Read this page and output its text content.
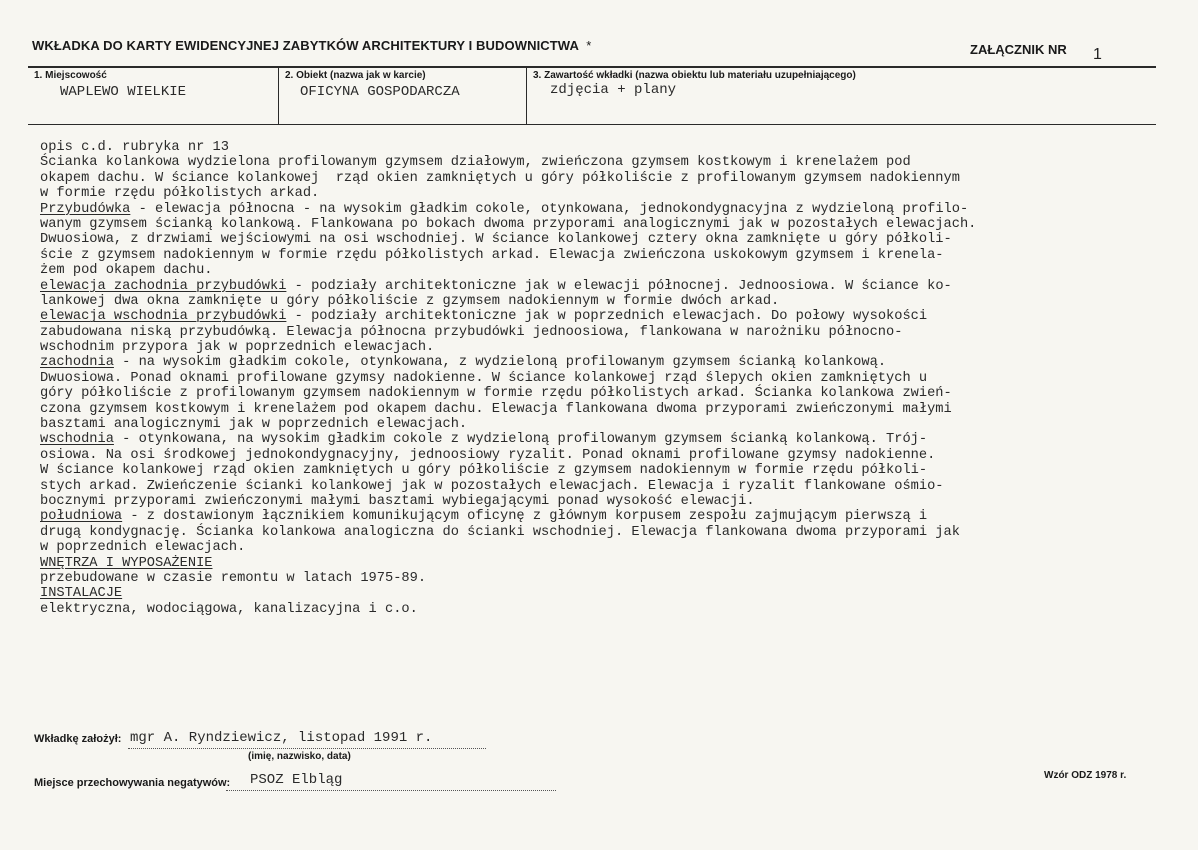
WKŁADKA DO KARTY EWIDENCYJNEJ ZABYTKÓW ARCHITEKTURY I BUDOWNICTWA *	ZAŁĄCZNIK NR 1
1. Miejscowość
WAPLEWO WIELKIE
2. Obiekt (nazwa jak w karcie)
OFICYNA GOSPODARCZA
3. Zawartość wkładki (nazwa obiektu lub materiału uzupełniającego)
zdjęcia + plany
opis c.d. rubryka nr 13
Ścianka kolankowa wydzielona profilowanym gzymsem działowym, zwieńczona gzymsem kostkowym i krenelażem pod
okapem dachu. W ściance kolankowej  rząd okien zamkniętych u góry półkoliście z profilowanym gzymsem nadokiennym
w formie rzędu półkolistych arkad.
Przybudówka - elewacja północna - na wysokim gładkim cokole, otynkowana, jednokondygnacyjna z wydzieloną profilo-
wanym gzymsem ścianką kolankową. Flankowana po bokach dwoma przyporami analogicznymi jak w pozostałych elewacjach.
Dwuosiowa, z drzwiami wejściowymi na osi wschodniej. W ściance kolankowej cztery okna zamknięte u góry półkoli-
ście z gzymsem nadokiennym w formie rzędu półkolistych arkad. Elewacja zwieńczona uskokowym gzymsem i krenela-
żem pod okapem dachu.
elewacja zachodnia przybudówki - podziały architektoniczne jak w elewacji północnej. Jednoosiowa. W ściance ko-
lankowej dwa okna zamknięte u góry półkoliście z gzymsem nadokiennym w formie dwóch arkad.
elewacja wschodnia przybudówki - podziały architektoniczne jak w poprzednich elewacjach. Do połowy wysokości
zabudowana niską przybudówką. Elewacja północna przybudówki jednoosiowa, flankowana w narożniku północno-
wschodnim przypora jak w poprzednich elewacjach.
zachodnia - na wysokim gładkim cokole, otynkowana, z wydzieloną profilowanym gzymsem ścianką kolankową.
Dwuosiowa. Ponad oknami profilowane gzymsy nadokienne. W ściance kolankowej rząd ślepych okien zamkniętych u
góry półkoliście z profilowanym gzymsem nadokiennym w formie rzędu półkolistych arkad. Ścianka kolankowa zwień-
czona gzymsem kostkowym i krenelażem pod okapem dachu. Elewacja flankowana dwoma przyporami zwieńczonymi małymi
basztami analogicznymi jak w poprzednich elewacjach.
wschodnia - otynkowana, na wysokim gładkim cokole z wydzieloną profilowanym gzymsem ścianką kolankową. Trój-
osiowa. Na osi środkowej jednokondygnacyjny, jednoosiowy ryzalit. Ponad oknami profilowane gzymsy nadokienne.
W ściance kolankowej rząd okien zamkniętych u góry półkoliście z gzymsem nadokiennym w formie rzędu półkoli-
stych arkad. Zwieńczenie ścianki kolankowej jak w pozostałych elewacjach. Elewacja i ryzalit flankowane ośmio-
bocznymi przyporami zwieńczonymi małymi basztami wybiegającymi ponad wysokość elewacji.
południowa - z dostawionym łącznikiem komunikującym oficynę z głównym korpusem zespołu zajmującym pierwszą i
drugą kondygnację. Ścianka kolankowa analogiczna do ścianki wschodniej. Elewacja flankowana dwoma przyporami jak
w poprzednich elewacjach.
WNĘTRZA I WYPOSAŻENIE
przebudowane w czasie remontu w latach 1975-89.
INSTALACJE
elektryczna, wodociągowa, kanalizacyjna i c.o.
Wkładkę założył: mgr A. Ryndziewicz, listopad 1991 r.
(imię, nazwisko, data)
Miejsce przechowywania negatywów: PSOZ Elbląg	Wzór ODZ 1978 r.
